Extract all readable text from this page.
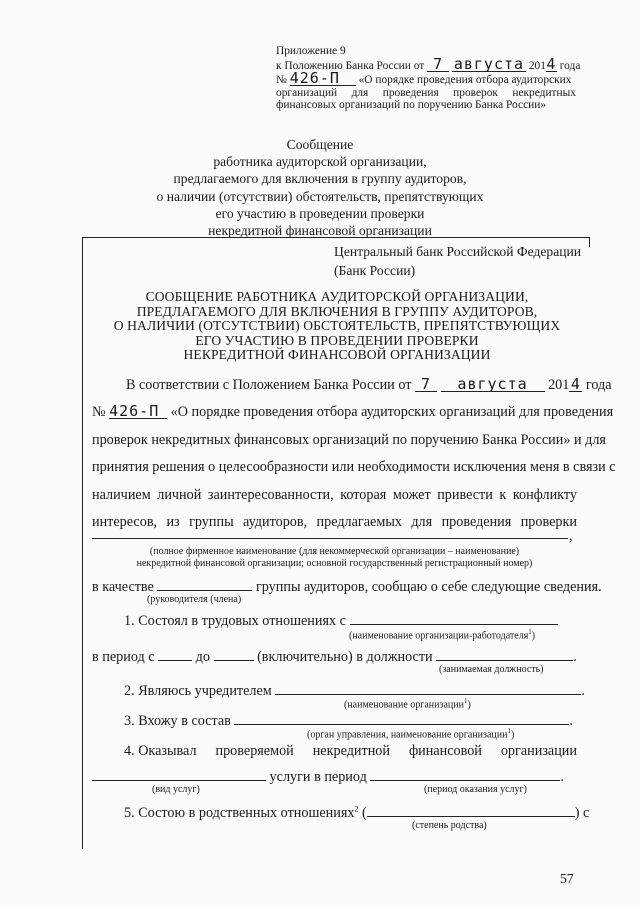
Приложение 9
к Положению Банка России от 7 августа 2014 года
№ 426-П «О порядке проведения отбора аудиторских
организаций для проведения проверок некредитных
финансовых организаций по поручению Банка России»
Сообщение
работника аудиторской организации,
предлагаемого для включения в группу аудиторов,
о наличии (отсутствии) обстоятельств, препятствующих
его участию в проведении проверки
некредитной финансовой организации
Центральный банк Российской Федерации
(Банк России)
СООБЩЕНИЕ РАБОТНИКА АУДИТОРСКОЙ ОРГАНИЗАЦИИ,
ПРЕДЛАГАЕМОГО ДЛЯ ВКЛЮЧЕНИЯ В ГРУППУ АУДИТОРОВ,
О НАЛИЧИИ (ОТСУТСТВИИ) ОБСТОЯТЕЛЬСТВ, ПРЕПЯТСТВУЮЩИХ
ЕГО УЧАСТИЮ В ПРОВЕДЕНИИ ПРОВЕРКИ
НЕКРЕДИТНОЙ ФИНАНСОВОЙ ОРГАНИЗАЦИИ
В соответствии с Положением Банка России от 7 августа 2014 года
№ 426-П «О порядке проведения отбора аудиторских организаций для проведения
проверок некредитных финансовых организаций по поручению Банка России» и для
принятия решения о целесообразности или необходимости исключения меня в связи с
наличием личной заинтересованности, которая может привести к конфликту
интересов, из группы аудиторов, предлагаемых для проведения проверки
,
(полное фирменное наименование (для некоммерческой организации – наименование)
некредитной финансовой организации; основной государственный регистрационный номер)
в качестве	группы аудиторов, сообщаю о себе следующие сведения.
(руководителя (члена)
1. Состоял в трудовых отношениях с
(наименование организации-работодателя$^1$)
в период с	до	(включительно) в должности	.
(занимаемая должность)
2. Являюсь учредителем	.
(наименование организации$^1$)
3. Вхожу в состав	.
(орган управления, наименование организации$^1$)
4. Оказывал проверяемой некредитной финансовой организации
услуги в период	.
(вид услуг)	(период оказания услуг)
5. Состою в родственных отношениях$^2$ (	) с
(степень родства)
57
